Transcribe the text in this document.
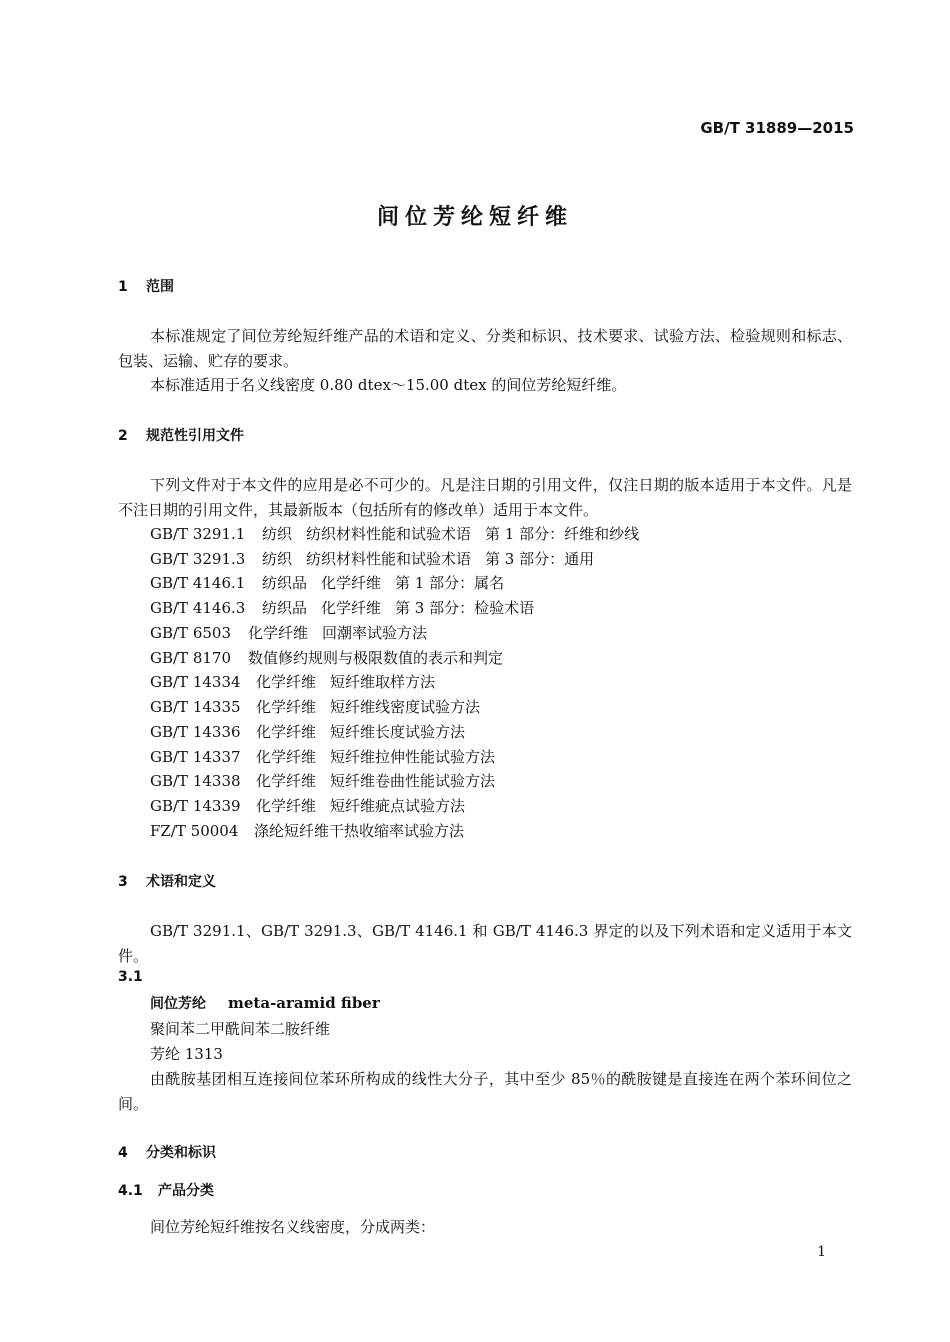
GB/T 31889—2015
间位芳纶短纤维
1 范围
本标准规定了间位芳纶短纤维产品的术语和定义、分类和标识、技术要求、试验方法、检验规则和标志、包装、运输、贮存的要求。
本标准适用于名义线密度 0.80 dtex～15.00 dtex 的间位芳纶短纤维。
2 规范性引用文件
下列文件对于本文件的应用是必不可少的。凡是注日期的引用文件，仅注日期的版本适用于本文件。凡是不注日期的引用文件，其最新版本（包括所有的修改单）适用于本文件。
GB/T 3291.1 纺织 纺织材料性能和试验术语 第 1 部分：纤维和纱线
GB/T 3291.3 纺织 纺织材料性能和试验术语 第 3 部分：通用
GB/T 4146.1 纺织品 化学纤维 第 1 部分：属名
GB/T 4146.3 纺织品 化学纤维 第 3 部分：检验术语
GB/T 6503 化学纤维 回潮率试验方法
GB/T 8170 数值修约规则与极限数值的表示和判定
GB/T 14334 化学纤维 短纤维取样方法
GB/T 14335 化学纤维 短纤维线密度试验方法
GB/T 14336 化学纤维 短纤维长度试验方法
GB/T 14337 化学纤维 短纤维拉伸性能试验方法
GB/T 14338 化学纤维 短纤维卷曲性能试验方法
GB/T 14339 化学纤维 短纤维疵点试验方法
FZ/T 50004 涤纶短纤维干热收缩率试验方法
3 术语和定义
GB/T 3291.1、GB/T 3291.3、GB/T 4146.1 和 GB/T 4146.3 界定的以及下列术语和定义适用于本文件。
3.1
间位芳纶 meta-aramid fiber
聚间苯二甲酰间苯二胺纤维
芳纶 1313
由酰胺基团相互连接间位苯环所构成的线性大分子，其中至少 85％的酰胺键是直接连在两个苯环间位之间。
4 分类和标识
4.1 产品分类
间位芳纶短纤维按名义线密度，分成两类：
1
